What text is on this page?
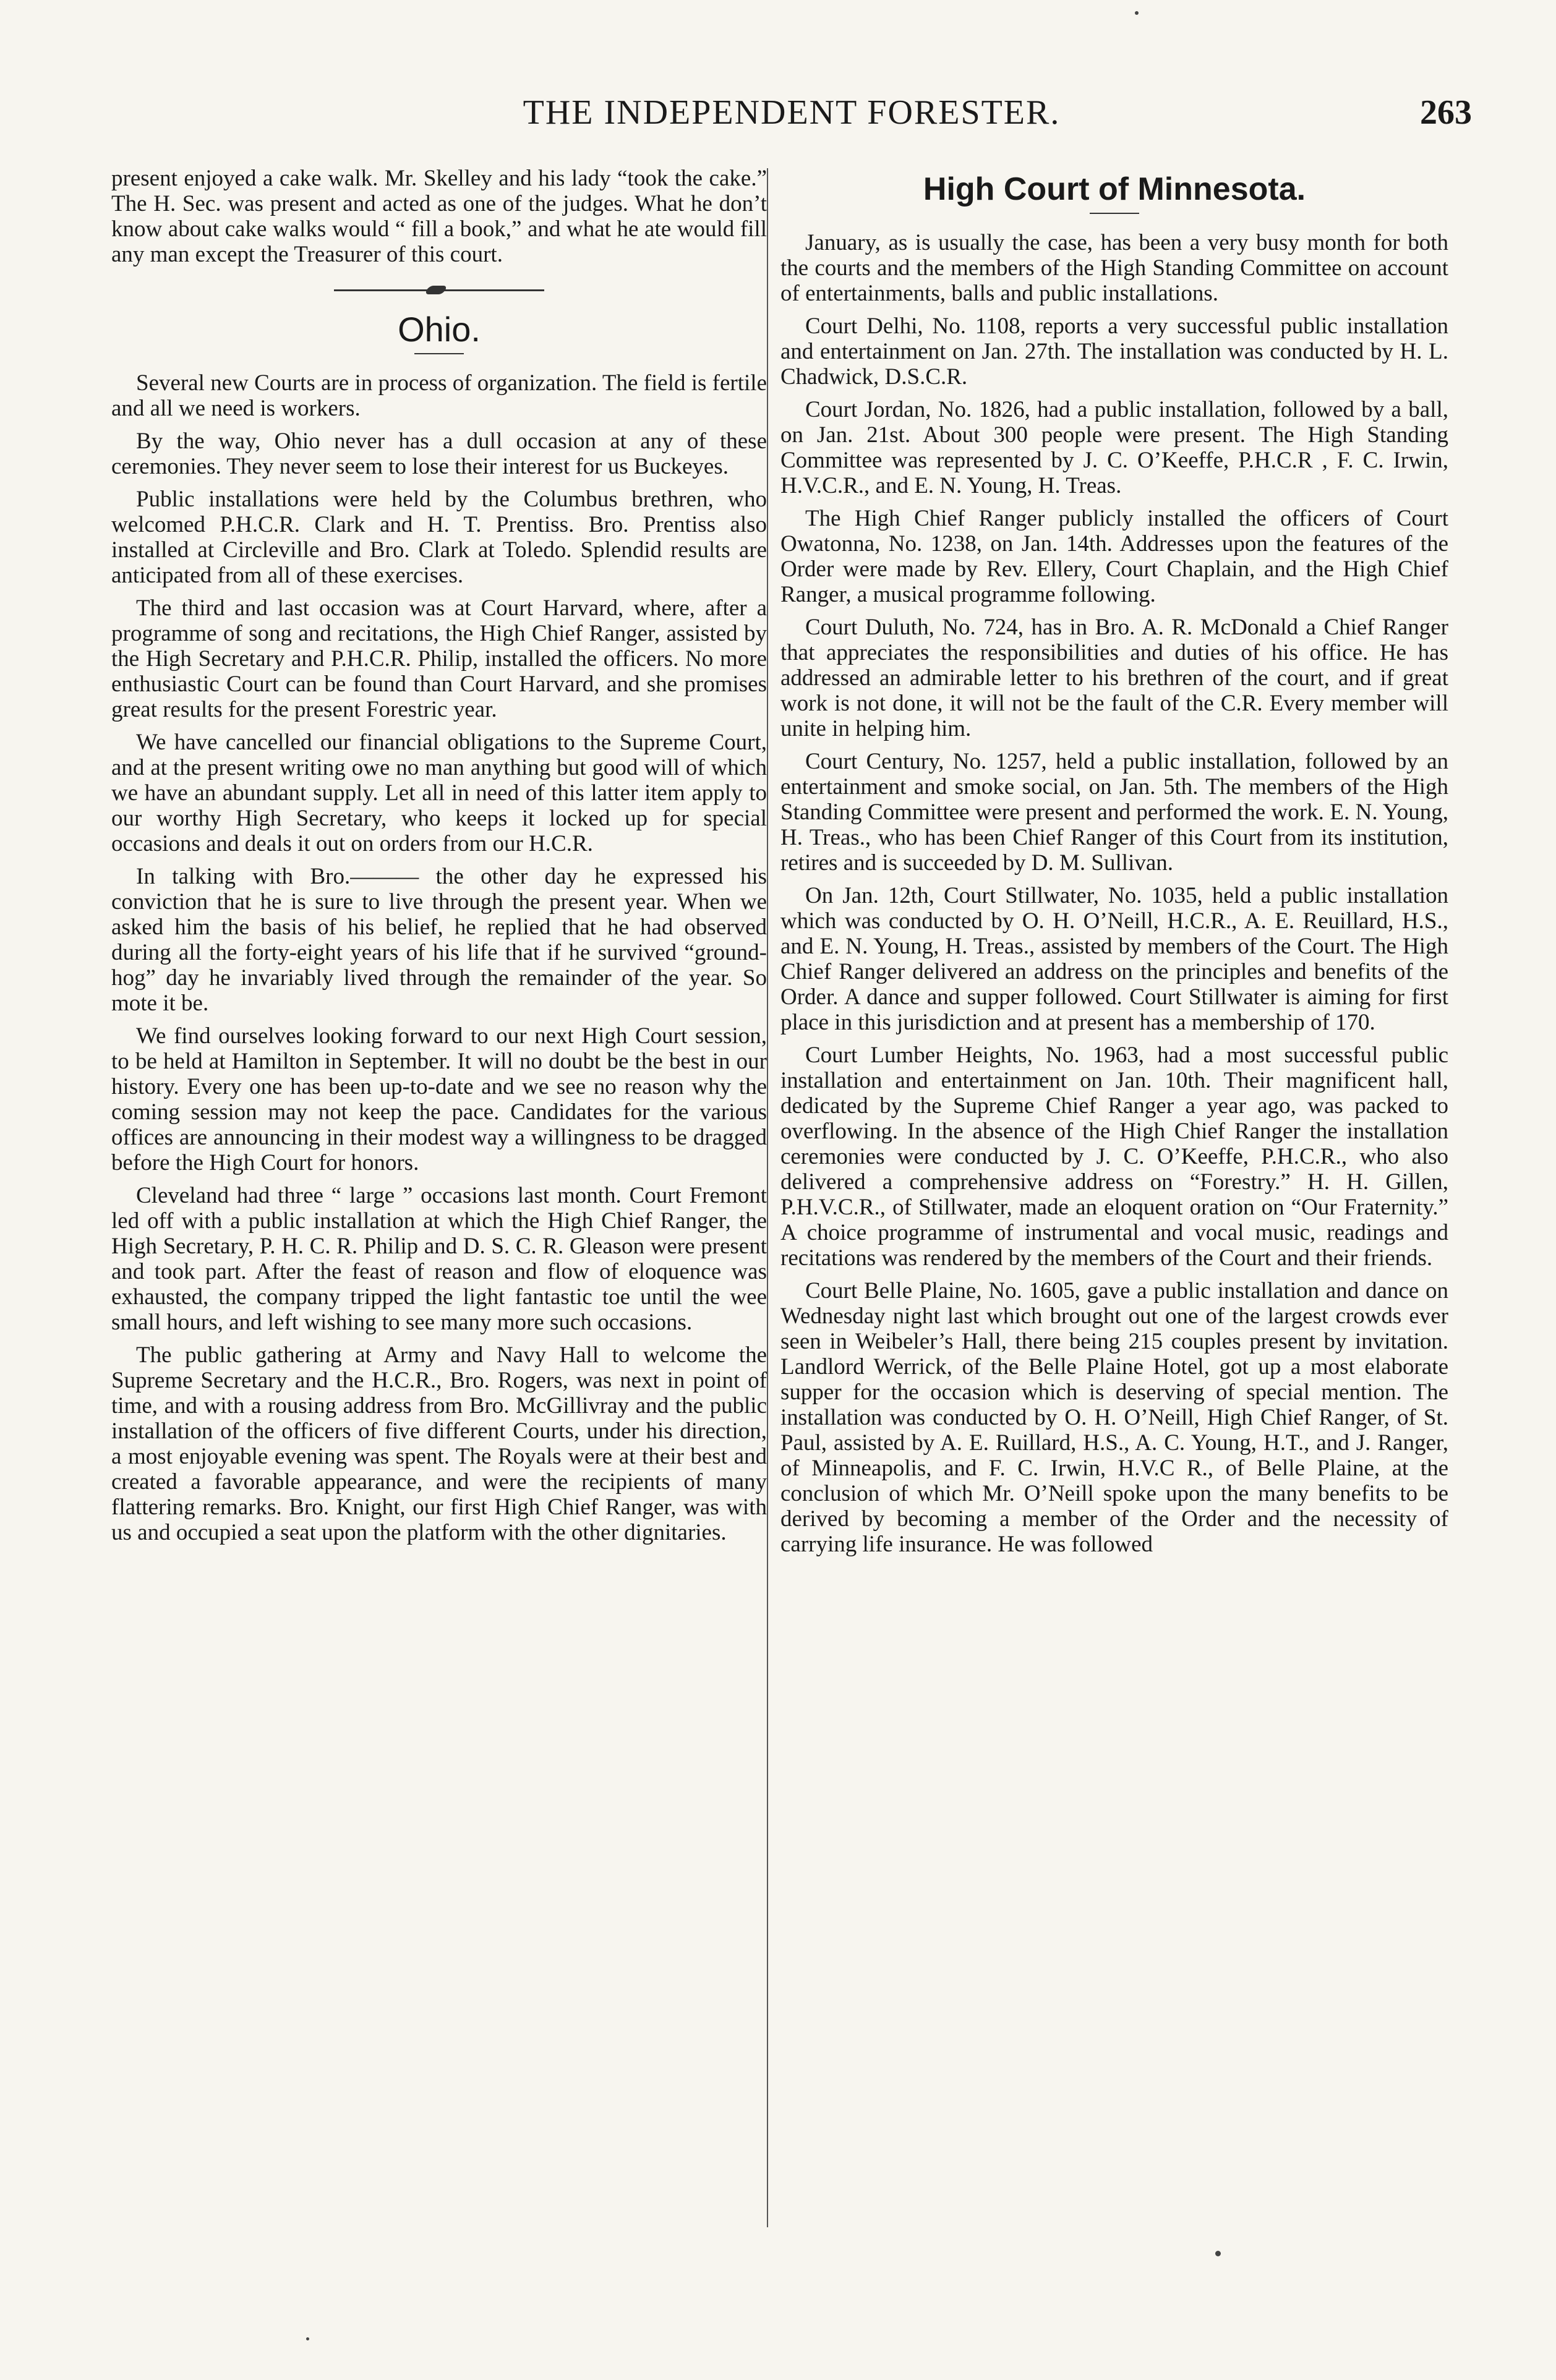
THE INDEPENDENT FORESTER.	263

present enjoyed a cake walk. Mr. Skelley and his lady “took the cake.” The H. Sec. was present and acted as one of the judges. What he don’t know about cake walks would “ fill a book,” and what he ate would fill any man except the Treasurer of this court.

Ohio.

Several new Courts are in process of organization. The field is fertile and all we need is workers.

By the way, Ohio never has a dull occasion at any of these ceremonies. They never seem to lose their interest for us Buckeyes.

Public installations were held by the Columbus brethren, who welcomed P.H.C.R. Clark and H. T. Prentiss. Bro. Prentiss also installed at Circleville and Bro. Clark at Toledo. Splendid results are anticipated from all of these exercises.

The third and last occasion was at Court Harvard, where, after a programme of song and recitations, the High Chief Ranger, assisted by the High Secretary and P.H.C.R. Philip, installed the officers. No more enthusiastic Court can be found than Court Harvard, and she promises great results for the present Forestric year.

We have cancelled our financial obligations to the Supreme Court, and at the present writing owe no man anything but good will of which we have an abundant supply. Let all in need of this latter item apply to our worthy High Secretary, who keeps it locked up for special occasions and deals it out on orders from our H.C.R.

In talking with Bro.——— the other day he expressed his conviction that he is sure to live through the present year. When we asked him the basis of his belief, he replied that he had observed during all the forty-eight years of his life that if he survived “ground-hog” day he invariably lived through the remainder of the year. So mote it be.

We find ourselves looking forward to our next High Court session, to be held at Hamilton in September. It will no doubt be the best in our history. Every one has been up-to-date and we see no reason why the coming session may not keep the pace. Candidates for the various offices are announcing in their modest way a willingness to be dragged before the High Court for honors.

Cleveland had three “ large ” occasions last month. Court Fremont led off with a public installation at which the High Chief Ranger, the High Secretary, P. H. C. R. Philip and D. S. C. R. Gleason were present and took part. After the feast of reason and flow of eloquence was exhausted, the company tripped the light fantastic toe until the wee small hours, and left wishing to see many more such occasions.

The public gathering at Army and Navy Hall to welcome the Supreme Secretary and the H.C.R., Bro. Rogers, was next in point of time, and with a rousing address from Bro. McGillivray and the public installation of the officers of five different Courts, under his direction, a most enjoyable evening was spent. The Royals were at their best and created a favorable appearance, and were the recipients of many flattering remarks. Bro. Knight, our first High Chief Ranger, was with us and occupied a seat upon the platform with the other dignitaries.

High Court of Minnesota.

January, as is usually the case, has been a very busy month for both the courts and the members of the High Standing Committee on account of entertainments, balls and public installations.

Court Delhi, No. 1108, reports a very successful public installation and entertainment on Jan. 27th. The installation was conducted by H. L. Chadwick, D.S.C.R.

Court Jordan, No. 1826, had a public installation, followed by a ball, on Jan. 21st. About 300 people were present. The High Standing Committee was represented by J. C. O’Keeffe, P.H.C.R , F. C. Irwin, H.V.C.R., and E. N. Young, H. Treas.

The High Chief Ranger publicly installed the officers of Court Owatonna, No. 1238, on Jan. 14th. Addresses upon the features of the Order were made by Rev. Ellery, Court Chaplain, and the High Chief Ranger, a musical programme following.

Court Duluth, No. 724, has in Bro. A. R. McDonald a Chief Ranger that appreciates the responsibilities and duties of his office. He has addressed an admirable letter to his brethren of the court, and if great work is not done, it will not be the fault of the C.R. Every member will unite in helping him.

Court Century, No. 1257, held a public installation, followed by an entertainment and smoke social, on Jan. 5th. The members of the High Standing Committee were present and performed the work. E. N. Young, H. Treas., who has been Chief Ranger of this Court from its institution, retires and is succeeded by D. M. Sullivan.

On Jan. 12th, Court Stillwater, No. 1035, held a public installation which was conducted by O. H. O’Neill, H.C.R., A. E. Reuillard, H.S., and E. N. Young, H. Treas., assisted by members of the Court. The High Chief Ranger delivered an address on the principles and benefits of the Order. A dance and supper followed. Court Stillwater is aiming for first place in this jurisdiction and at present has a membership of 170.

Court Lumber Heights, No. 1963, had a most successful public installation and entertainment on Jan. 10th. Their magnificent hall, dedicated by the Supreme Chief Ranger a year ago, was packed to overflowing. In the absence of the High Chief Ranger the installation ceremonies were conducted by J. C. O’Keeffe, P.H.C.R., who also delivered a comprehensive address on “Forestry.” H. H. Gillen, P.H.V.C.R., of Stillwater, made an eloquent oration on “Our Fraternity.” A choice programme of instrumental and vocal music, readings and recitations was rendered by the members of the Court and their friends.

Court Belle Plaine, No. 1605, gave a public installation and dance on Wednesday night last which brought out one of the largest crowds ever seen in Weibeler’s Hall, there being 215 couples present by invitation. Landlord Werrick, of the Belle Plaine Hotel, got up a most elaborate supper for the occasion which is deserving of special mention. The installation was conducted by O. H. O’Neill, High Chief Ranger, of St. Paul, assisted by A. E. Ruillard, H.S., A. C. Young, H.T., and J. Ranger, of Minneapolis, and F. C. Irwin, H.V.C R., of Belle Plaine, at the conclusion of which Mr. O’Neill spoke upon the many benefits to be derived by becoming a member of the Order and the necessity of carrying life insurance. He was followed
